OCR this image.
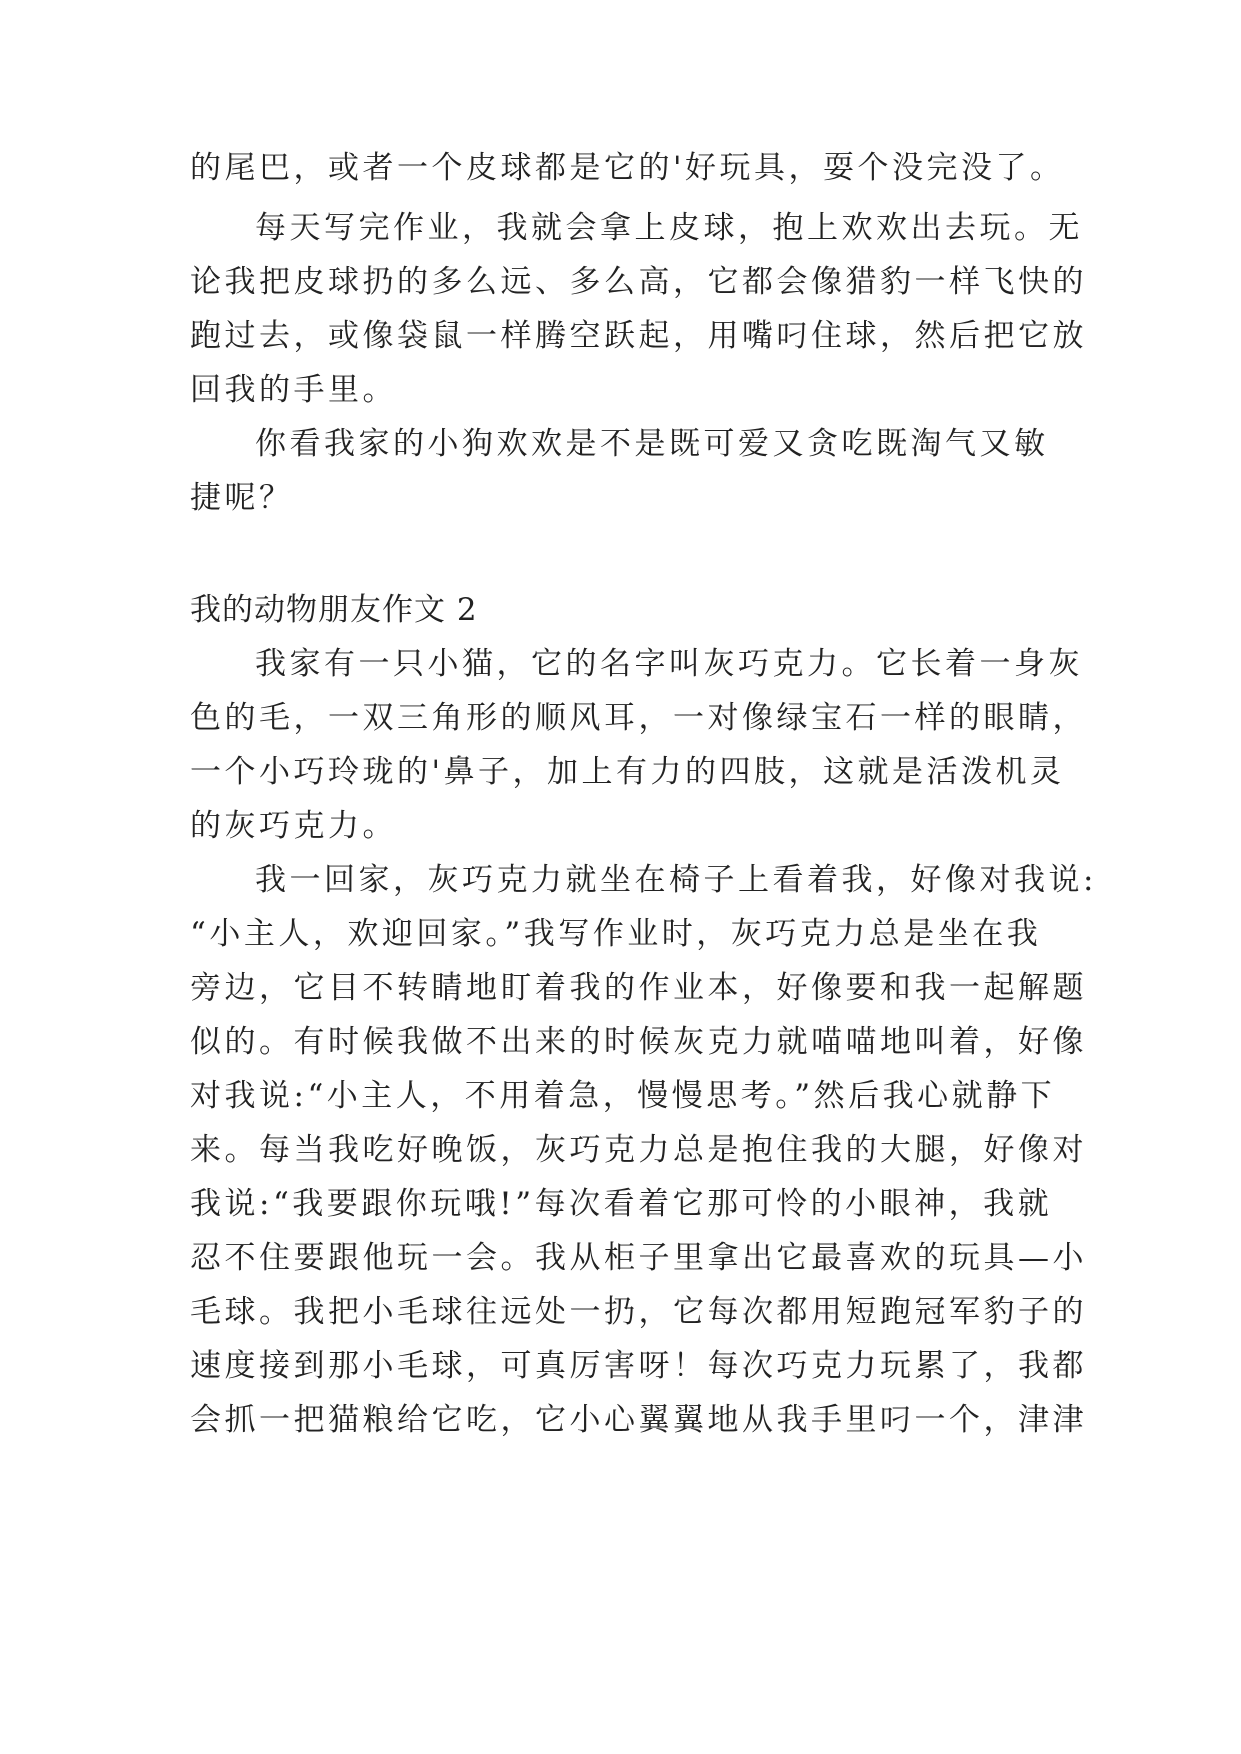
的尾巴，或者一个皮球都是它的'好玩具，耍个没完没了。

每天写完作业，我就会拿上皮球，抱上欢欢出去玩。无

论我把皮球扔的多么远、多么高，它都会像猎豹一样飞快的

跑过去，或像袋鼠一样腾空跃起，用嘴叼住球，然后把它放

回我的手里。

你看我家的小狗欢欢是不是既可爱又贪吃既淘气又敏

捷呢？

我的动物朋友作文 2

我家有一只小猫，它的名字叫灰巧克力。它长着一身灰

色的毛，一双三角形的顺风耳，一对像绿宝石一样的眼睛，

一个小巧玲珑的'鼻子，加上有力的四肢，这就是活泼机灵

的灰巧克力。

我一回家，灰巧克力就坐在椅子上看着我，好像对我说:

“小主人，欢迎回家。”我写作业时，灰巧克力总是坐在我

旁边，它目不转睛地盯着我的作业本，好像要和我一起解题

似的。有时候我做不出来的时候灰克力就喵喵地叫着，好像

对我说:“小主人，不用着急，慢慢思考。”然后我心就静下

来。每当我吃好晚饭，灰巧克力总是抱住我的大腿，好像对

我说:“我要跟你玩哦!”每次看着它那可怜的小眼神，我就

忍不住要跟他玩一会。我从柜子里拿出它最喜欢的玩具—小

毛球。我把小毛球往远处一扔，它每次都用短跑冠军豹子的

速度接到那小毛球，可真厉害呀！每次巧克力玩累了，我都

会抓一把猫粮给它吃，它小心翼翼地从我手里叼一个，津津
